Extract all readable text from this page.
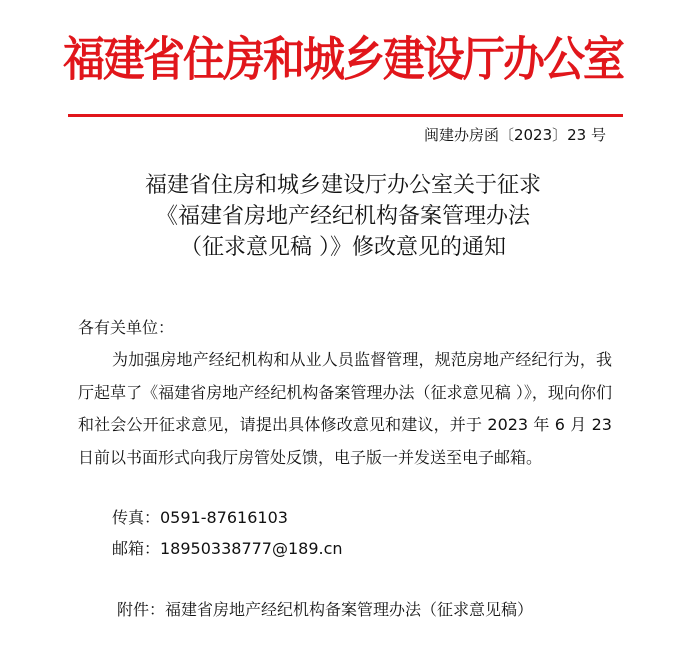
福建省住房和城乡建设厅办公室
闽建办房函〔2023〕23 号
福建省住房和城乡建设厅办公室关于征求
《福建省房地产经纪机构备案管理办法
（征求意见稿 ）》修改意见的通知
各有关单位：
为加强房地产经纪机构和从业人员监督管理，规范房地产经纪行为，我厅起草了《福建省房地产经纪机构备案管理办法（征求意见稿 ）》，现向你们和社会公开征求意见，请提出具体修改意见和建议，并于 2023 年 6 月 23 日前以书面形式向我厅房管处反馈，电子版一并发送至电子邮箱。
传真：0591-87616103
邮箱：18950338777@189.cn
附件：福建省房地产经纪机构备案管理办法（征求意见稿）
